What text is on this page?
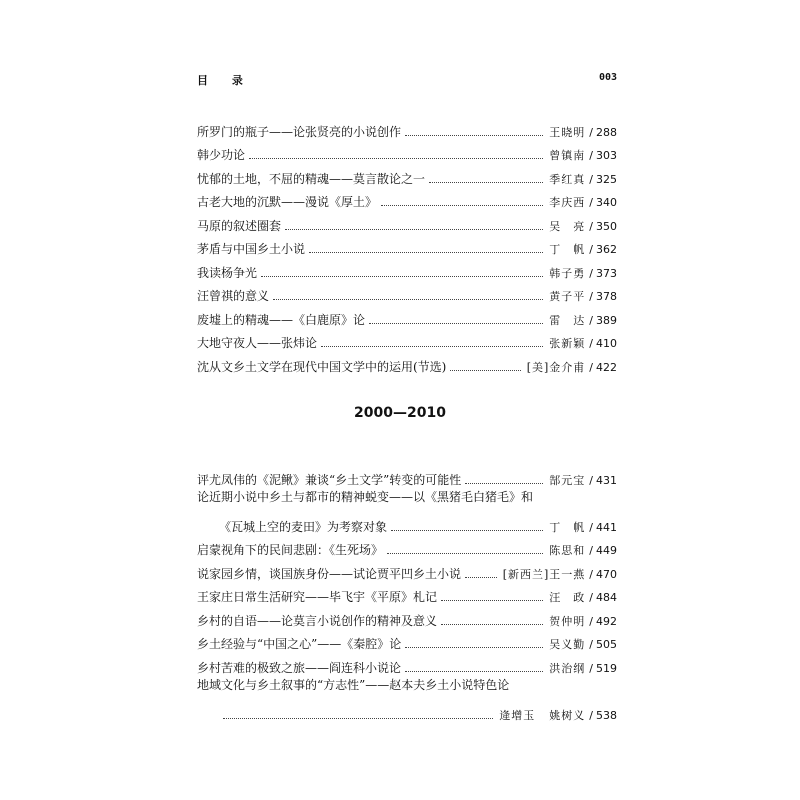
目 录	003
所罗门的瓶子——论张贤亮的小说创作	王晓明 / 288
韩少功论	曾镇南 / 303
忧郁的土地，不屈的精魂——莫言散论之一	季红真 / 325
古老大地的沉默——漫说《厚土》	李庆西 / 340
马原的叙述圈套	吴　亮 / 350
茅盾与中国乡土小说	丁　帆 / 362
我读杨争光	韩子勇 / 373
汪曾祺的意义	黄子平 / 378
废墟上的精魂——《白鹿原》论	雷　达 / 389
大地守夜人——张炜论	张新颖 / 410
沈从文乡土文学在现代中国文学中的运用(节选)	[美]金介甫 / 422
2000—2010
评尤凤伟的《泥鳅》兼谈“乡土文学”转变的可能性	郜元宝 / 431
论近期小说中乡土与都市的精神蜕变——以《黑猪毛白猪毛》和
《瓦城上空的麦田》为考察对象	丁　帆 / 441
启蒙视角下的民间悲剧：《生死场》	陈思和 / 449
说家园乡情，谈国族身份——试论贾平凹乡土小说	[新西兰]王一燕 / 470
王家庄日常生活研究——毕飞宇《平原》札记	汪　政 / 484
乡村的自语——论莫言小说创作的精神及意义	贺仲明 / 492
乡土经验与“中国之心”——《秦腔》论	吴义勤 / 505
乡村苦难的极致之旅——阎连科小说论	洪治纲 / 519
地域文化与乡土叙事的“方志性”——赵本夫乡土小说特色论
逄增玉 姚树义 / 538
